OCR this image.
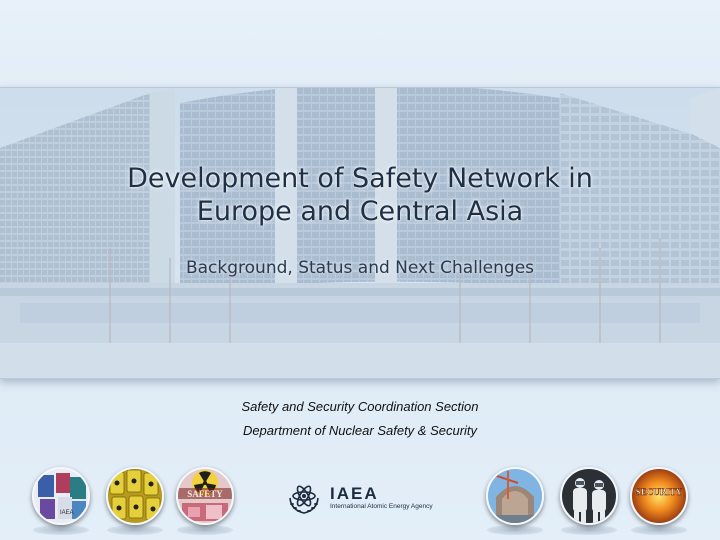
Development of Safety Network in
Europe and Central Asia
Background, Status and Next Challenges
Safety and Security Coordination Section
Department of Nuclear Safety & Security
IAEA
SAFETY	IAEA
International Atomic Energy Agency
SECURITY
